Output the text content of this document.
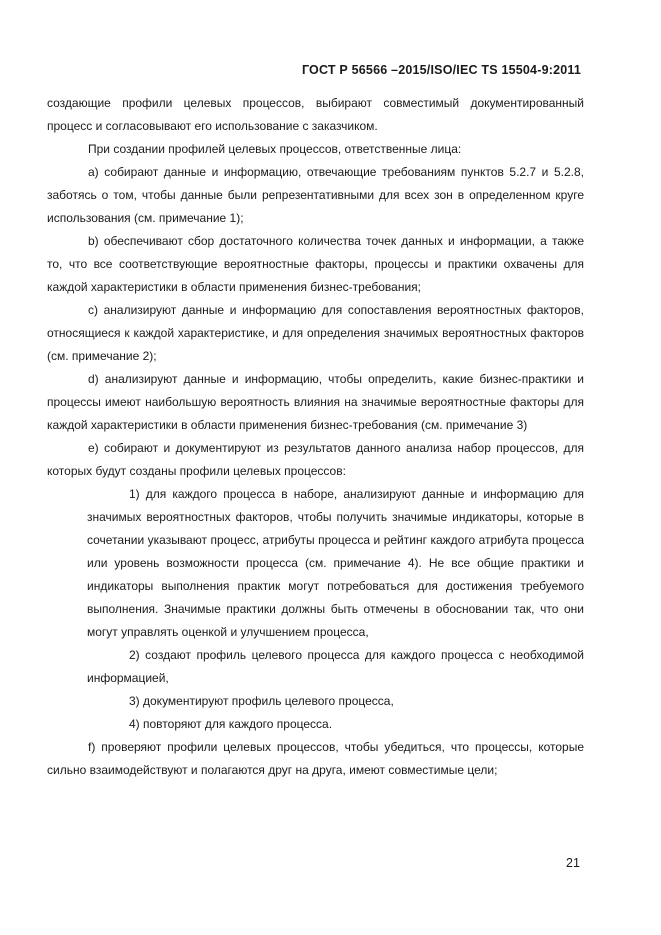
ГОСТ Р 56566 –2015/ISO/IEC TS 15504-9:2011

создающие профили целевых процессов, выбирают совместимый документированный процесс и согласовывают его использование с заказчиком.

При создании профилей целевых процессов, ответственные лица:

а) собирают данные и информацию, отвечающие требованиям пунктов 5.2.7 и 5.2.8, заботясь о том, чтобы данные были репрезентативными для всех зон в определенном круге использования (см. примечание 1);

b) обеспечивают сбор достаточного количества точек данных и информации, а также то, что все соответствующие вероятностные факторы, процессы и практики охвачены для каждой характеристики в области применения бизнес-требования;

c) анализируют данные и информацию для сопоставления вероятностных факторов, относящиеся к каждой характеристике, и для определения значимых вероятностных факторов (см. примечание 2);

d) анализируют данные и информацию, чтобы определить, какие бизнес-практики и процессы имеют наибольшую вероятность влияния на значимые вероятностные факторы для каждой характеристики в области применения бизнес-требования (см. примечание 3)

е) собирают и документируют из результатов данного анализа набор процессов, для которых будут созданы профили целевых процессов:

1) для каждого процесса в наборе, анализируют данные и информацию для значимых вероятностных факторов, чтобы получить значимые индикаторы, которые в сочетании указывают процесс, атрибуты процесса и рейтинг каждого атрибута процесса или уровень возможности процесса (см. примечание 4). Не все общие практики и индикаторы выполнения практик могут потребоваться для достижения требуемого выполнения. Значимые практики должны быть отмечены в обосновании так, что они могут управлять оценкой и улучшением процесса,

2) создают профиль целевого процесса для каждого процесса с необходимой информацией,

3) документируют профиль целевого процесса,

4) повторяют для каждого процесса.

f) проверяют профили целевых процессов, чтобы убедиться, что процессы, которые сильно взаимодействуют и полагаются друг на друга, имеют совместимые цели;

21
